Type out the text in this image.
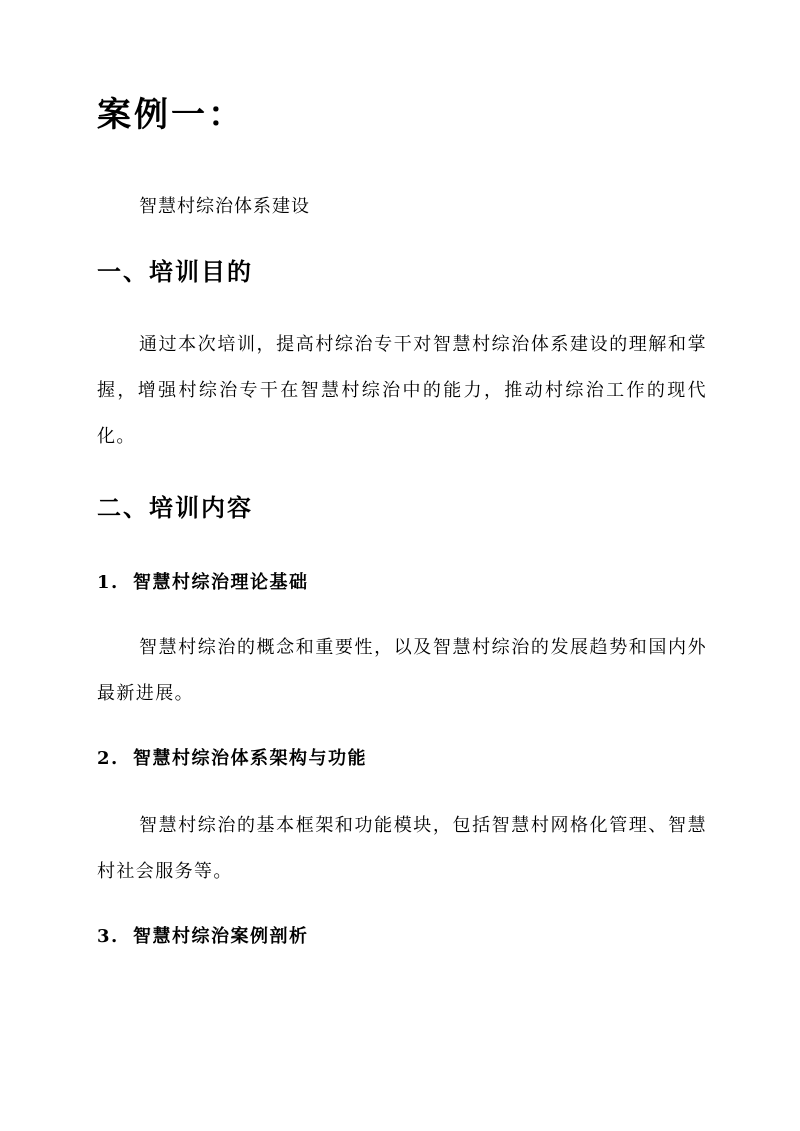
案例一：

智慧村综治体系建设

一、培训目的

通过本次培训，提高村综治专干对智慧村综治体系建设的理解和掌握，增强村综治专干在智慧村综治中的能力，推动村综治工作的现代化。

二、培训内容
1. 智慧村综治理论基础

智慧村综治的概念和重要性，以及智慧村综治的发展趋势和国内外最新进展。

2. 智慧村综治体系架构与功能

智慧村综治的基本框架和功能模块，包括智慧村网格化管理、智慧村社会服务等。

3. 智慧村综治案例剖析
